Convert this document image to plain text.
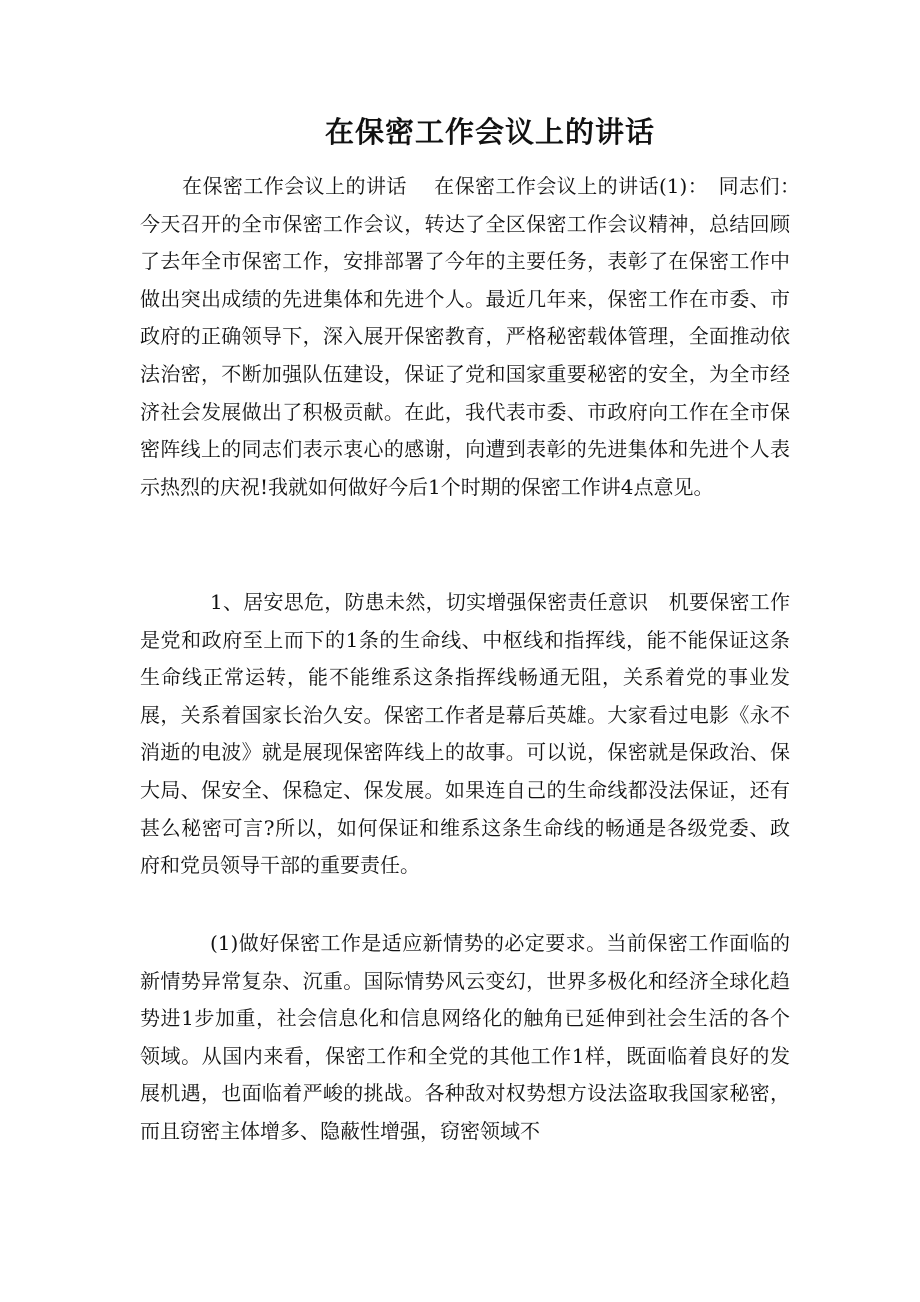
在保密工作会议上的讲话

在保密工作会议上的讲话　 在保密工作会议上的讲话(1)：　同志们：　今天召开的全市保密工作会议，转达了全区保密工作会议精神，总结回顾了去年全市保密工作，安排部署了今年的主要任务，表彰了在保密工作中做出突出成绩的先进集体和先进个人。最近几年来，保密工作在市委、市政府的正确领导下，深入展开保密教育，严格秘密载体管理，全面推动依法治密，不断加强队伍建设，保证了党和国家重要秘密的安全，为全市经济社会发展做出了积极贡献。在此，我代表市委、市政府向工作在全市保密阵线上的同志们表示衷心的感谢，向遭到表彰的先进集体和先进个人表示热烈的庆祝!我就如何做好今后1个时期的保密工作讲4点意见。

1、居安思危，防患未然，切实增强保密责任意识　机要保密工作是党和政府至上而下的1条的生命线、中枢线和指挥线，能不能保证这条生命线正常运转，能不能维系这条指挥线畅通无阻，关系着党的事业发展，关系着国家长治久安。保密工作者是幕后英雄。大家看过电影《永不消逝的电波》就是展现保密阵线上的故事。可以说，保密就是保政治、保大局、保安全、保稳定、保发展。如果连自己的生命线都没法保证，还有甚么秘密可言?所以，如何保证和维系这条生命线的畅通是各级党委、政府和党员领导干部的重要责任。

(1)做好保密工作是适应新情势的必定要求。当前保密工作面临的新情势异常复杂、沉重。国际情势风云变幻，世界多极化和经济全球化趋势进1步加重，社会信息化和信息网络化的触角已延伸到社会生活的各个领域。从国内来看，保密工作和全党的其他工作1样，既面临着良好的发展机遇，也面临着严峻的挑战。各种敌对权势想方设法盗取我国家秘密，而且窃密主体增多、隐蔽性增强，窃密领域不
